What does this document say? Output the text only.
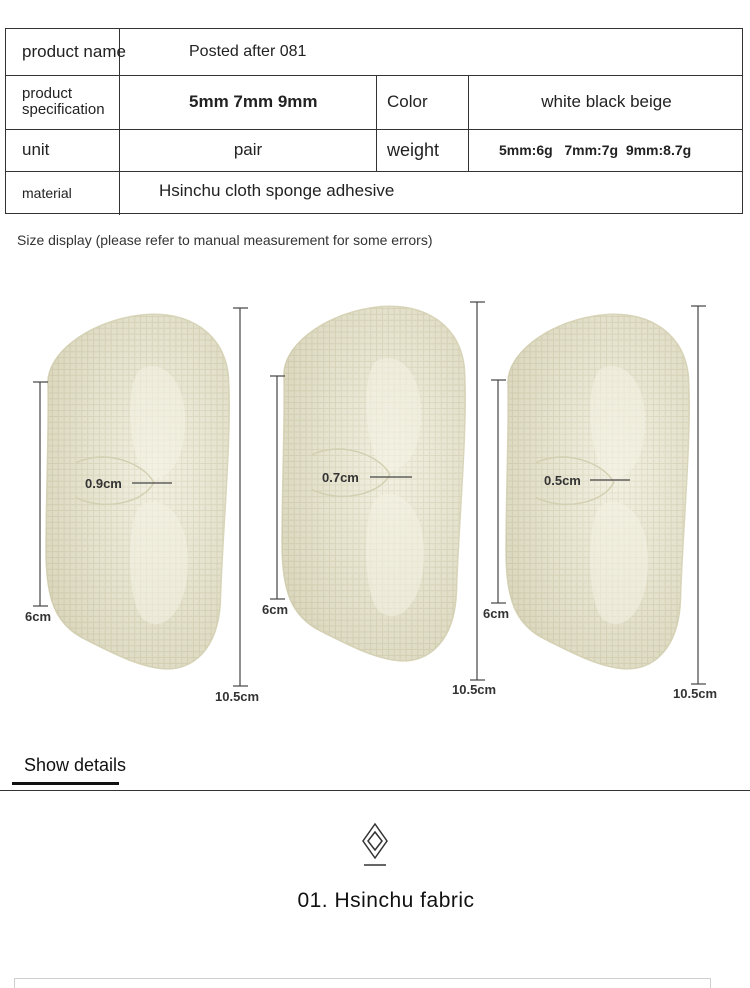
product name	Posted after 081
product
specification	5mm 7mm 9mm	Color	white black beige
unit	pair	weight	5mm:6g   7mm:7g  9mm:8.7g
material	Hsinchu cloth sponge adhesive
Size display (please refer to manual measurement for some errors)
0.9cm
6cm
10.5cm
0.7cm
6cm
10.5cm
0.5cm
6cm
10.5cm
Show details
01. Hsinchu fabric
